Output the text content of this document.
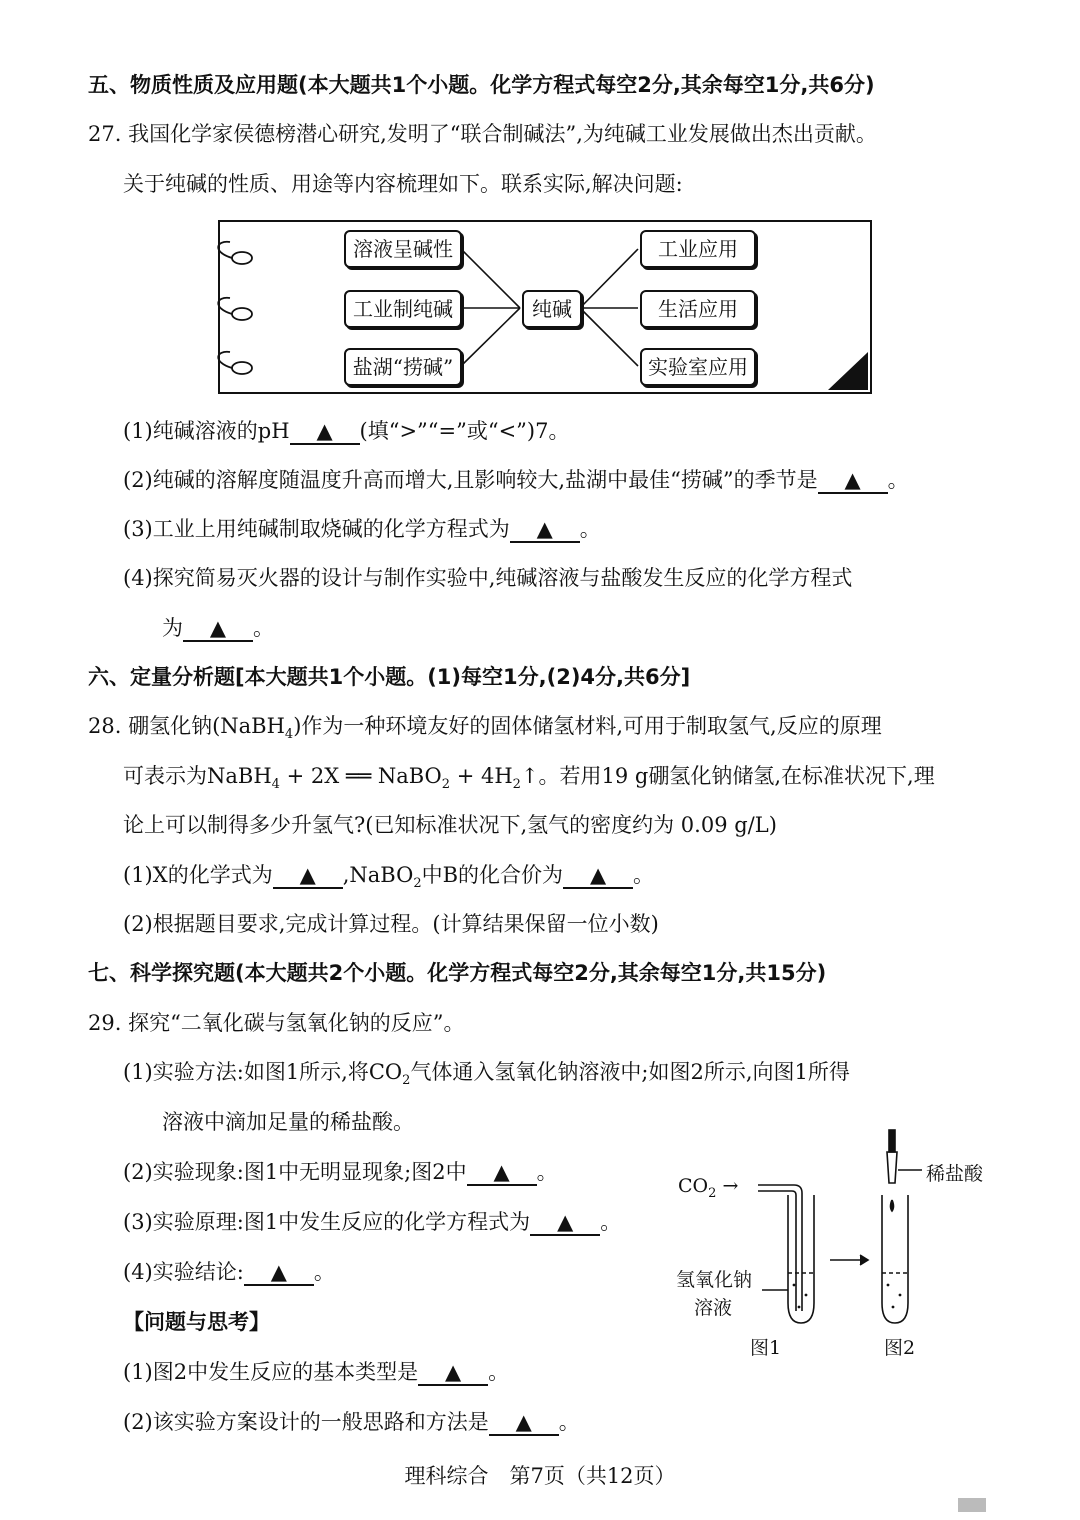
五、物质性质及应用题(本大题共1个小题。化学方程式每空2分,其余每空1分,共6分)
27. 我国化学家侯德榜潜心研究,发明了“联合制碱法”,为纯碱工业发展做出杰出贡献。
关于纯碱的性质、用途等内容梳理如下。联系实际,解决问题:
溶液呈碱性
工业制纯碱
盐湖“捞碱”
纯碱
工业应用
生活应用
实验室应用
(1)纯碱溶液的pH ▲ (填“>”“=”或“<”)7。
(2)纯碱的溶解度随温度升高而增大,且影响较大,盐湖中最佳“捞碱”的季节是 ▲ 。
(3)工业上用纯碱制取烧碱的化学方程式为 ▲ 。
(4)探究简易灭火器的设计与制作实验中,纯碱溶液与盐酸发生反应的化学方程式
为 ▲ 。
六、定量分析题[本大题共1个小题。(1)每空1分,(2)4分,共6分]
28. 硼氢化钠(NaBH$_4$)作为一种环境友好的固体储氢材料,可用于制取氢气,反应的原理
可表示为NaBH$_4$ + 2X ══ NaBO$_2$ + $4H_2↑$。若用19 g硼氢化钠储氢,在标准状况下,理
论上可以制得多少升氢气?(已知标准状况下,氢气的密度约为 0.09 g/L)
(1)X的化学式为 ▲ ,NaBO$_2$中B的化合价为 ▲ 。
(2)根据题目要求,完成计算过程。(计算结果保留一位小数)
七、科学探究题(本大题共2个小题。化学方程式每空2分,其余每空1分,共15分)
29. 探究“二氧化碳与氢氧化钠的反应”。
(1)实验方法:如图1所示,将$CO_2$气体通入氢氧化钠溶液中;如图2所示,向图1所得
溶液中滴加足量的稀盐酸。
(2)实验现象:图1中无明显现象;图2中 ▲ 。
(3)实验原理:图1中发生反应的化学方程式为 ▲ 。
(4)实验结论: ▲ 。
【问题与思考】
(1)图2中发生反应的基本类型是 ▲ 。
(2)该实验方案设计的一般思路和方法是 ▲ 。
$CO_2$ →
稀盐酸
氢氧化钠
溶液
图1	图2
理科综合　第7页（共12页）
